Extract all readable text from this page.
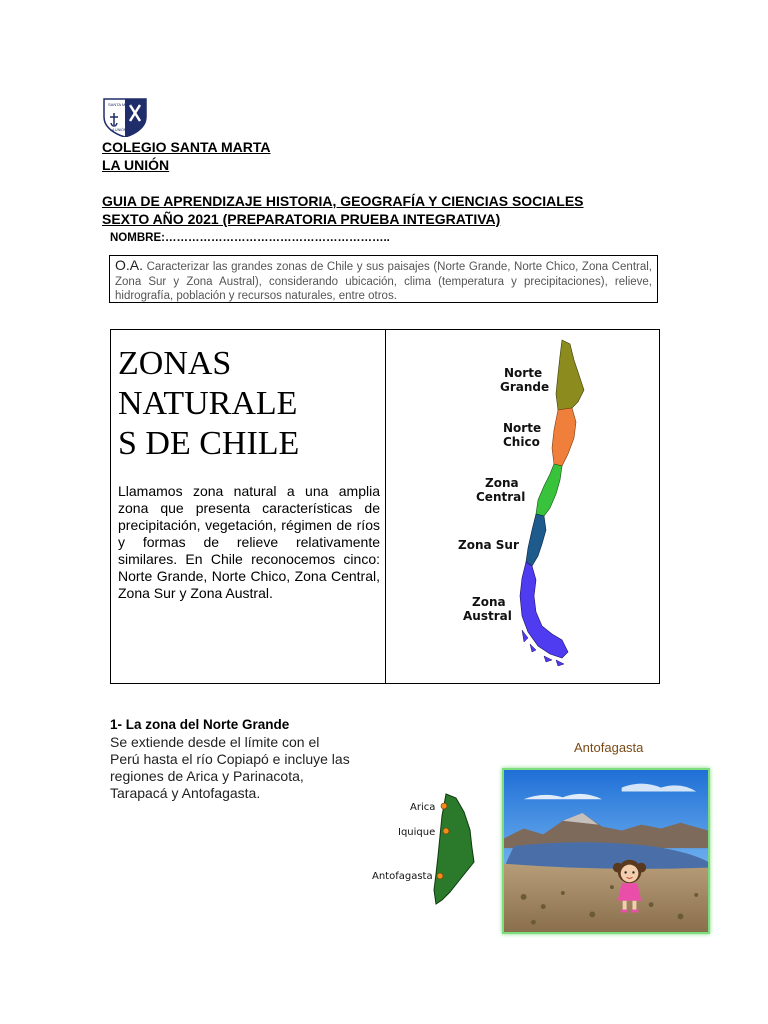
SANTA MARTA
LA UNIÓN
COLEGIO SANTA MARTA
LA UNIÓN
GUIA DE APRENDIZAJE HISTORIA, GEOGRAFÍA Y CIENCIAS SOCIALES
SEXTO AÑO 2021 (PREPARATORIA PRUEBA INTEGRATIVA)
NOMBRE:…………………………………………………..
O.A. Caracterizar las grandes zonas de Chile y sus paisajes (Norte Grande, Norte Chico, Zona Central, Zona Sur y Zona Austral), considerando ubicación, clima (temperatura y precipitaciones), relieve, hidrografía, población y recursos naturales, entre otros.
ZONAS
NATURALE
S DE CHILE
Llamamos zona natural a una amplia zona que presenta características de precipitación, vegetación, régimen de ríos y formas de relieve relativamente similares. En Chile reconocemos cinco: Norte Grande, Norte Chico, Zona Central, Zona Sur y Zona Austral.
Norte
Grande
Norte
Chico
Zona
Central
Zona Sur
Zona
Austral
1- La zona del Norte Grande
Se extiende desde el límite con el Perú hasta el río Copiapó e incluye las regiones de Arica y Parinacota, Tarapacá y Antofagasta.
Arica
Iquique
Antofagasta
Antofagasta
